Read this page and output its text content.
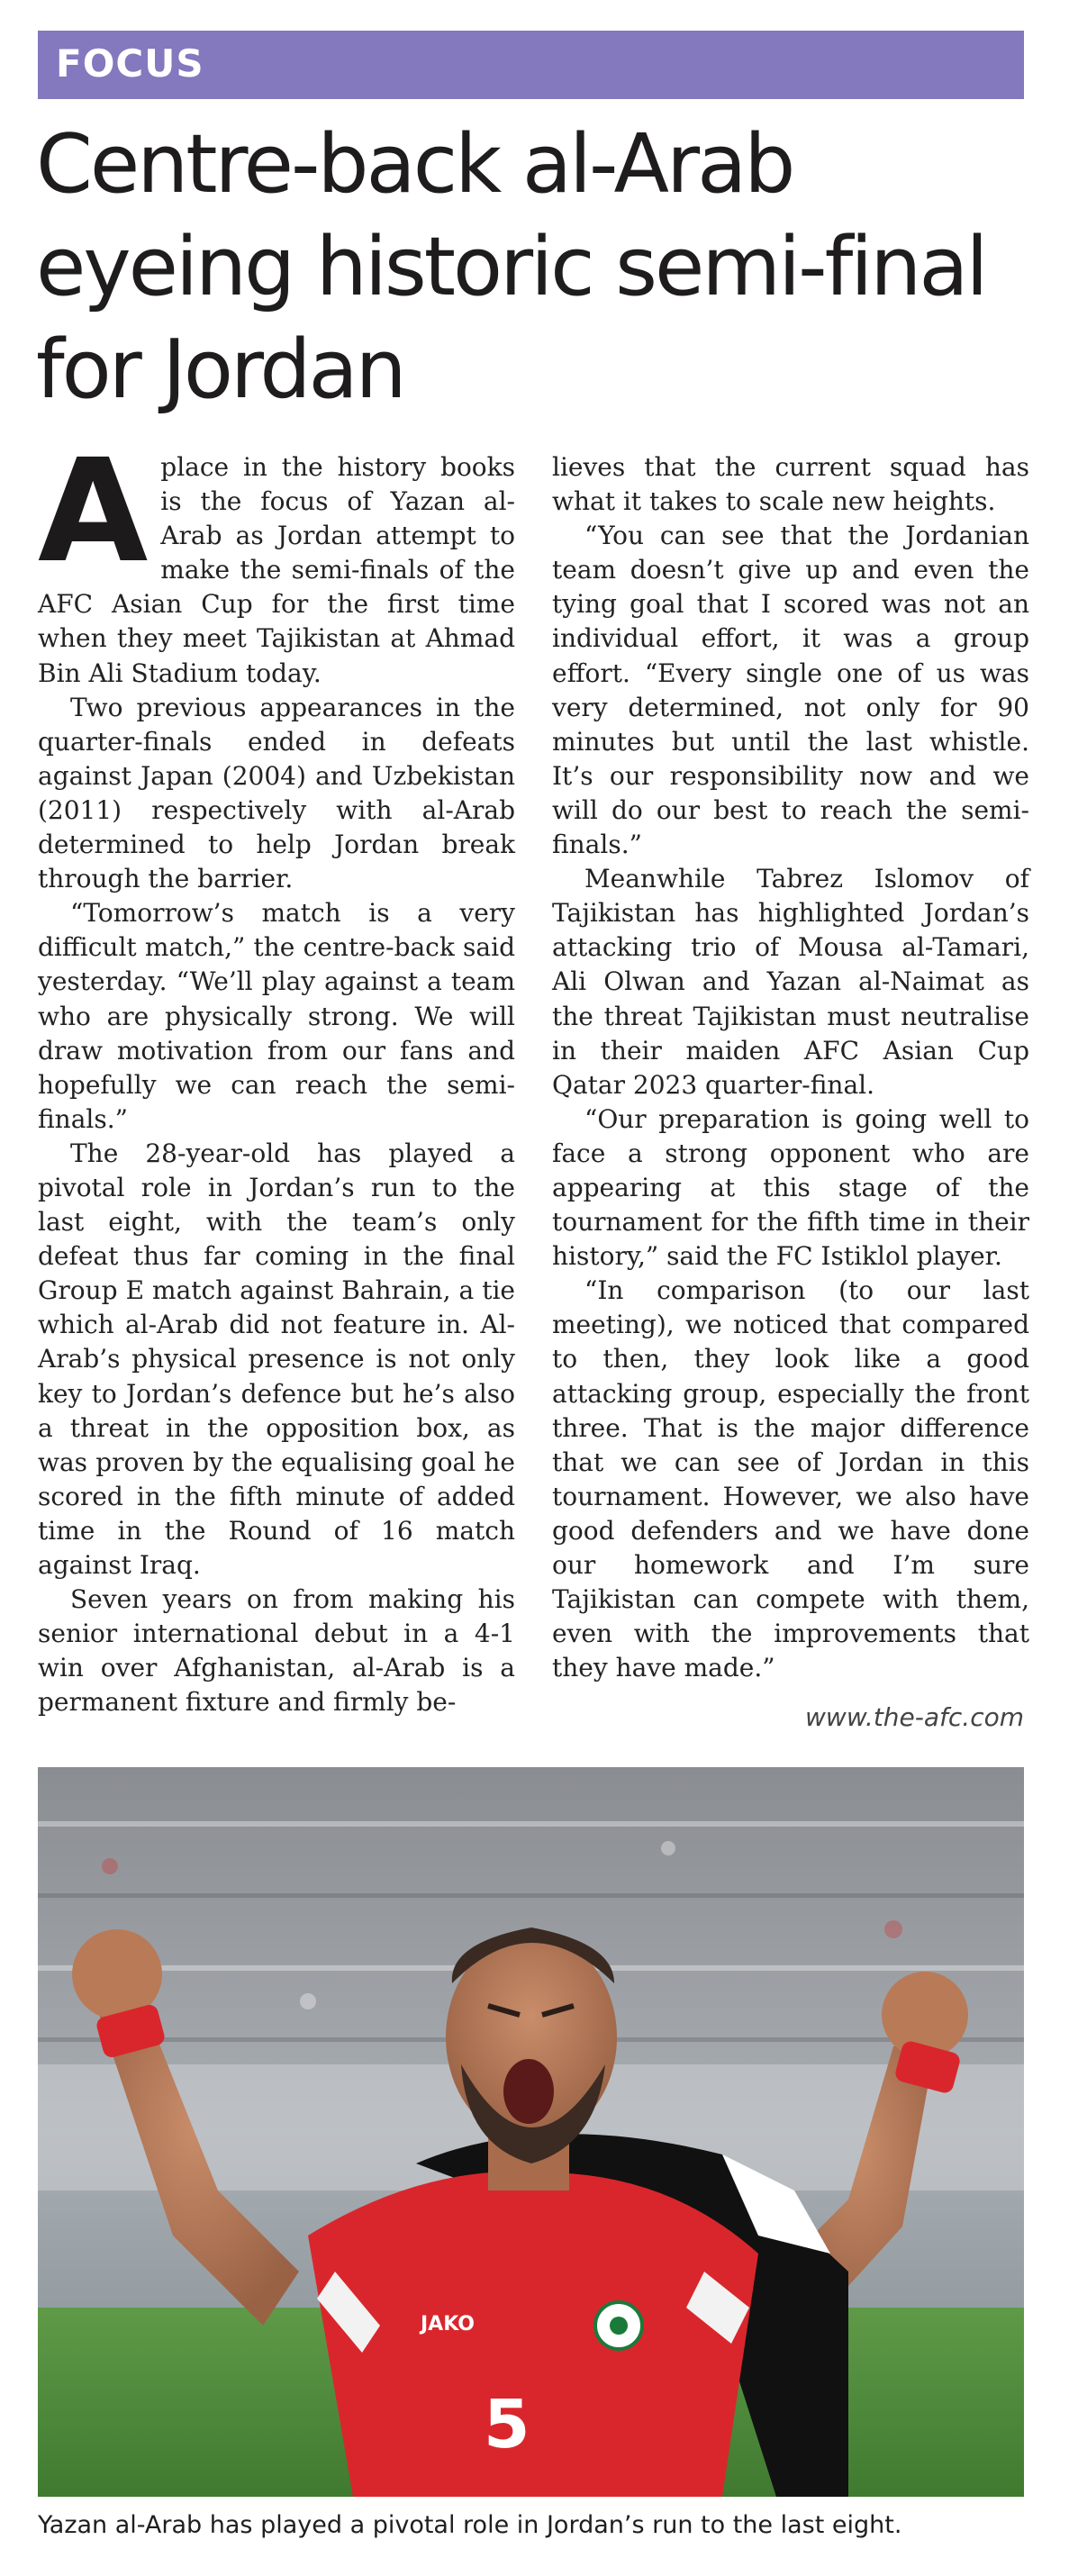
FOCUS
Centre-back al-Arab eyeing historic semi-final for Jordan

Aplace in the history books is the focus of Yazan al-Arab as Jordan attempt to make the semi-finals of the AFC Asian Cup for the first time when they meet Tajikistan at Ahmad Bin Ali Stadium today.

Two previous appearances in the quarter-finals ended in defeats against Japan (2004) and Uzbekistan (2011) respectively with al-Arab determined to help Jordan break through the barrier.

“Tomorrow’s match is a very difficult match,” the centre-back said yesterday. “We’ll play against a team who are physically strong. We will draw motivation from our fans and hopefully we can reach the semi-finals.”

The 28-year-old has played a pivotal role in Jordan’s run to the last eight, with the team’s only defeat thus far coming in the final Group E match against Bahrain, a tie which al-Arab did not feature in. Al-Arab’s physical presence is not only key to Jordan’s defence but he’s also a threat in the opposition box, as was proven by the equalising goal he scored in the fifth minute of added time in the Round of 16 match against Iraq.

Seven years on from making his senior international debut in a 4-1 win over Afghanistan, al-Arab is a permanent fixture and firmly be-

lieves that the current squad has what it takes to scale new heights.

“You can see that the Jordanian team doesn’t give up and even the tying goal that I scored was not an individual effort, it was a group effort. “Every single one of us was very determined, not only for 90 minutes but until the last whistle. It’s our responsibility now and we will do our best to reach the semi-finals.”

Meanwhile Tabrez Islomov of Tajikistan has highlighted Jordan’s attacking trio of Mousa al-Tamari, Ali Olwan and Yazan al-Naimat as the threat Tajikistan must neutralise in their maiden AFC Asian Cup Qatar 2023 quarter-final.

“Our preparation is going well to face a strong opponent who are appearing at this stage of the tournament for the fifth time in their history,” said the FC Istiklol player.

“In comparison (to our last meeting), we noticed that compared to then, they look like a good attacking group, especially the front three. That is the major difference that we can see of Jordan in this tournament. However, we also have good defenders and we have done our homework and I’m sure Tajikistan can compete with them, even with the improvements that they have made.”

www.the-afc.com

JAKO
5

Yazan al-Arab has played a pivotal role in Jordan’s run to the last eight.
